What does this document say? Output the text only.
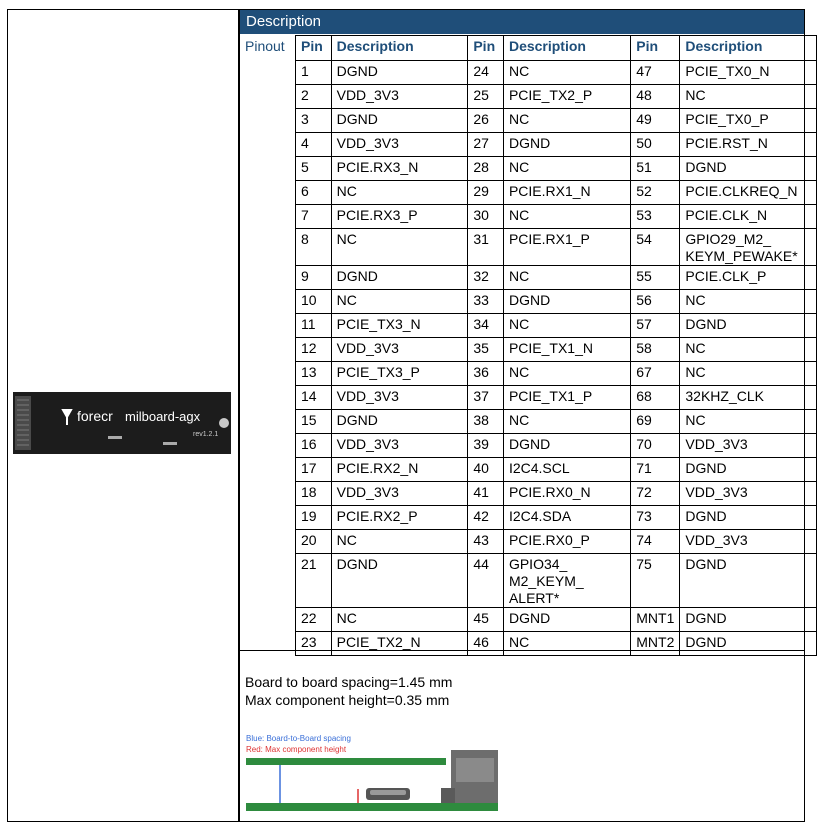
forecr milboard-agx
rev1.2.1
Description
Pinout Pin	Description	Pin	Description	Pin	Description
1	DGND	24	NC	47	PCIE_TX0_N
2	VDD_3V3	25	PCIE_TX2_P	48	NC
3	DGND	26	NC	49	PCIE_TX0_P
4	VDD_3V3	27	DGND	50	PCIE.RST_N
5	PCIE.RX3_N	28	NC	51	DGND
6	NC	29	PCIE.RX1_N	52	PCIE.CLKREQ_N
7	PCIE.RX3_P	30	NC	53	PCIE.CLK_N
8	NC	31	PCIE.RX1_P	54	GPIO29_M2_
KEYM_PEWAKE*
9	DGND	32	NC	55	PCIE.CLK_P
10	NC	33	DGND	56	NC
11	PCIE_TX3_N	34	NC	57	DGND
12	VDD_3V3	35	PCIE_TX1_N	58	NC
13	PCIE_TX3_P	36	NC	67	NC
14	VDD_3V3	37	PCIE_TX1_P	68	32KHZ_CLK
15	DGND	38	NC	69	NC
16	VDD_3V3	39	DGND	70	VDD_3V3
17	PCIE.RX2_N	40	I2C4.SCL	71	DGND
18	VDD_3V3	41	PCIE.RX0_N	72	VDD_3V3
19	PCIE.RX2_P	42	I2C4.SDA	73	DGND
20	NC	43	PCIE.RX0_P	74	VDD_3V3
21	DGND	44	GPIO34_
M2_KEYM_
ALERT*	75	DGND
22	NC	45	DGND	MNT1	DGND
23	PCIE_TX2_N	46	NC	MNT2	DGND
Board to board spacing=1.45 mm
Max component height=0.35 mm
Blue: Board-to-Board spacing
Red: Max component height
